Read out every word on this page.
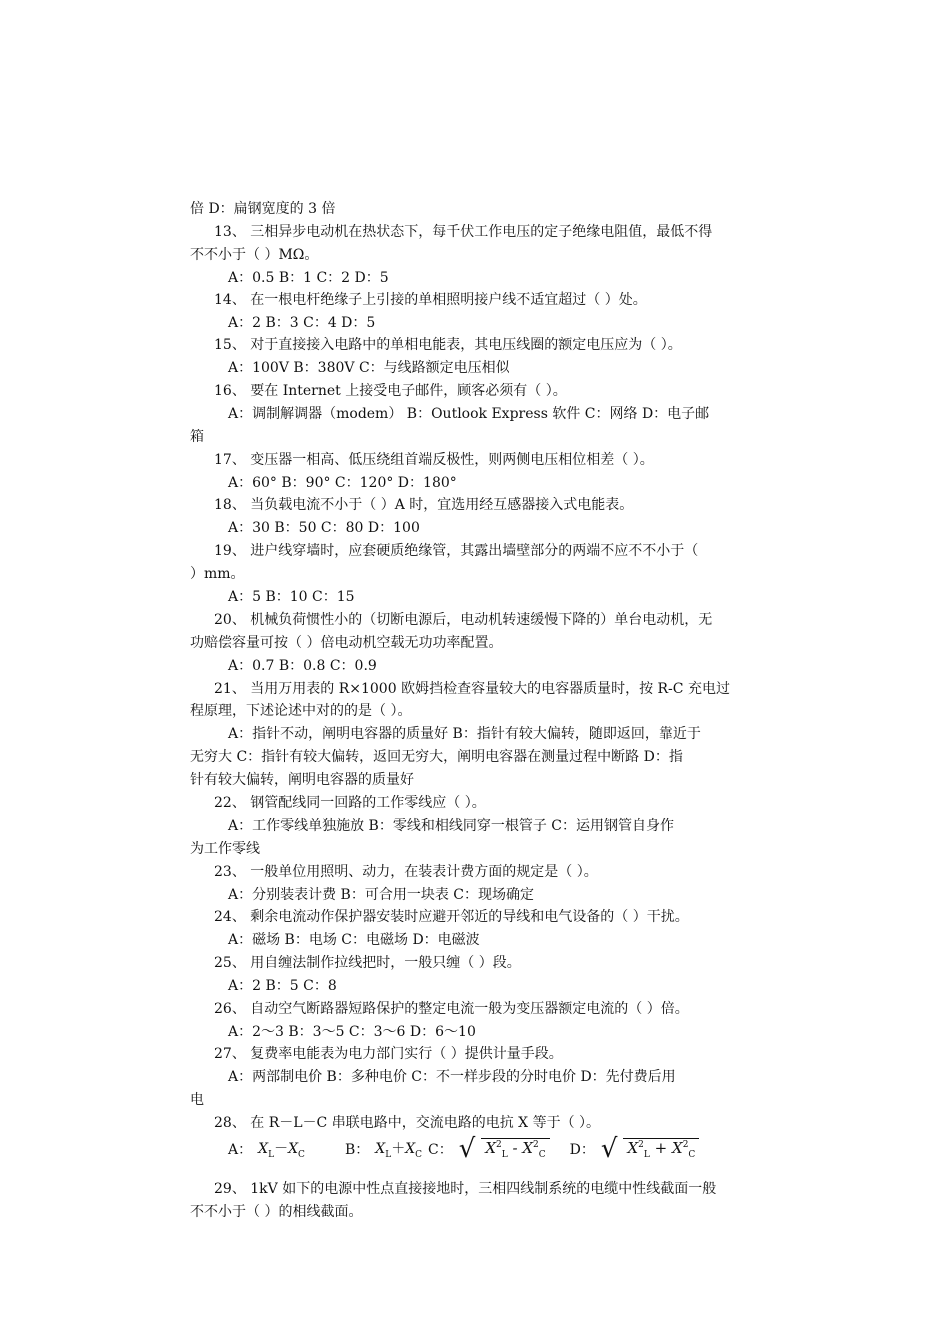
倍 D：扁钢宽度的 3 倍
13、 三相异步电动机在热状态下，每千伏工作电压的定子绝缘电阻值，最低不得
不不小于（ ）MΩ。
A：0.5 B：1 C：2 D：5
14、 在一根电杆绝缘子上引接的单相照明接户线不适宜超过（ ）处。
A：2 B：3 C：4 D：5
15、 对于直接接入电路中的单相电能表，其电压线圈的额定电压应为（ ）。
A：100V B：380V C：与线路额定电压相似
16、 要在 Internet 上接受电子邮件，顾客必须有（ ）。
A：调制解调器（modem） B：Outlook Express 软件 C：网络 D：电子邮
箱
17、 变压器一相高、低压绕组首端反极性，则两侧电压相位相差（ ）。
A：60° B：90° C：120° D：180°
18、 当负载电流不小于（ ）A 时，宜选用经互感器接入式电能表。
A：30 B：50 C：80 D：100
19、 进户线穿墙时，应套硬质绝缘管，其露出墙壁部分的两端不应不不小于（
）mm。
A：5 B：10 C：15
20、 机械负荷惯性小的（切断电源后，电动机转速缓慢下降的）单台电动机，无
功赔偿容量可按（ ）倍电动机空载无功功率配置。
A：0.7 B：0.8 C：0.9
21、 当用万用表的 R×1000 欧姆挡检查容量较大的电容器质量时，按 R-C 充电过
程原理，下述论述中对的的是（ ）。
A：指针不动，阐明电容器的质量好 B：指针有较大偏转，随即返回，靠近于
无穷大 C：指针有较大偏转，返回无穷大，阐明电容器在测量过程中断路 D：指
针有较大偏转，阐明电容器的质量好
22、 钢管配线同一回路的工作零线应（ ）。
A：工作零线单独施放 B：零线和相线同穿一根管子 C：运用钢管自身作
为工作零线
23、 一般单位用照明、动力，在装表计费方面的规定是（ ）。
A：分别装表计费 B：可合用一块表 C：现场确定
24、 剩余电流动作保护器安装时应避开邻近的导线和电气设备的（ ）干扰。
A：磁场 B：电场 C：电磁场 D：电磁波
25、 用自缠法制作拉线把时，一般只缠（ ）段。
A：2 B：5 C：8
26、 自动空气断路器短路保护的整定电流一般为变压器额定电流的（ ）倍。
A：2～3 B：3～5 C：3～6 D：6～10
27、 复费率电能表为电力部门实行（ ）提供计量手段。
A：两部制电价 B：多种电价 C：不一样步段的分时电价 D：先付费后用
电
28、 在 R－L－C 串联电路中，交流电路的电抗 X 等于（ ）。
29、 1kV 如下的电源中性点直接接地时，三相四线制系统的电缆中性线截面一般
不不小于（ ）的相线截面。
A： $X_L-X_C$	B： $X_L+X_C$ C： √ $X^2_L - X^2_C$ D： √ $X^2_L + X^2_C$
